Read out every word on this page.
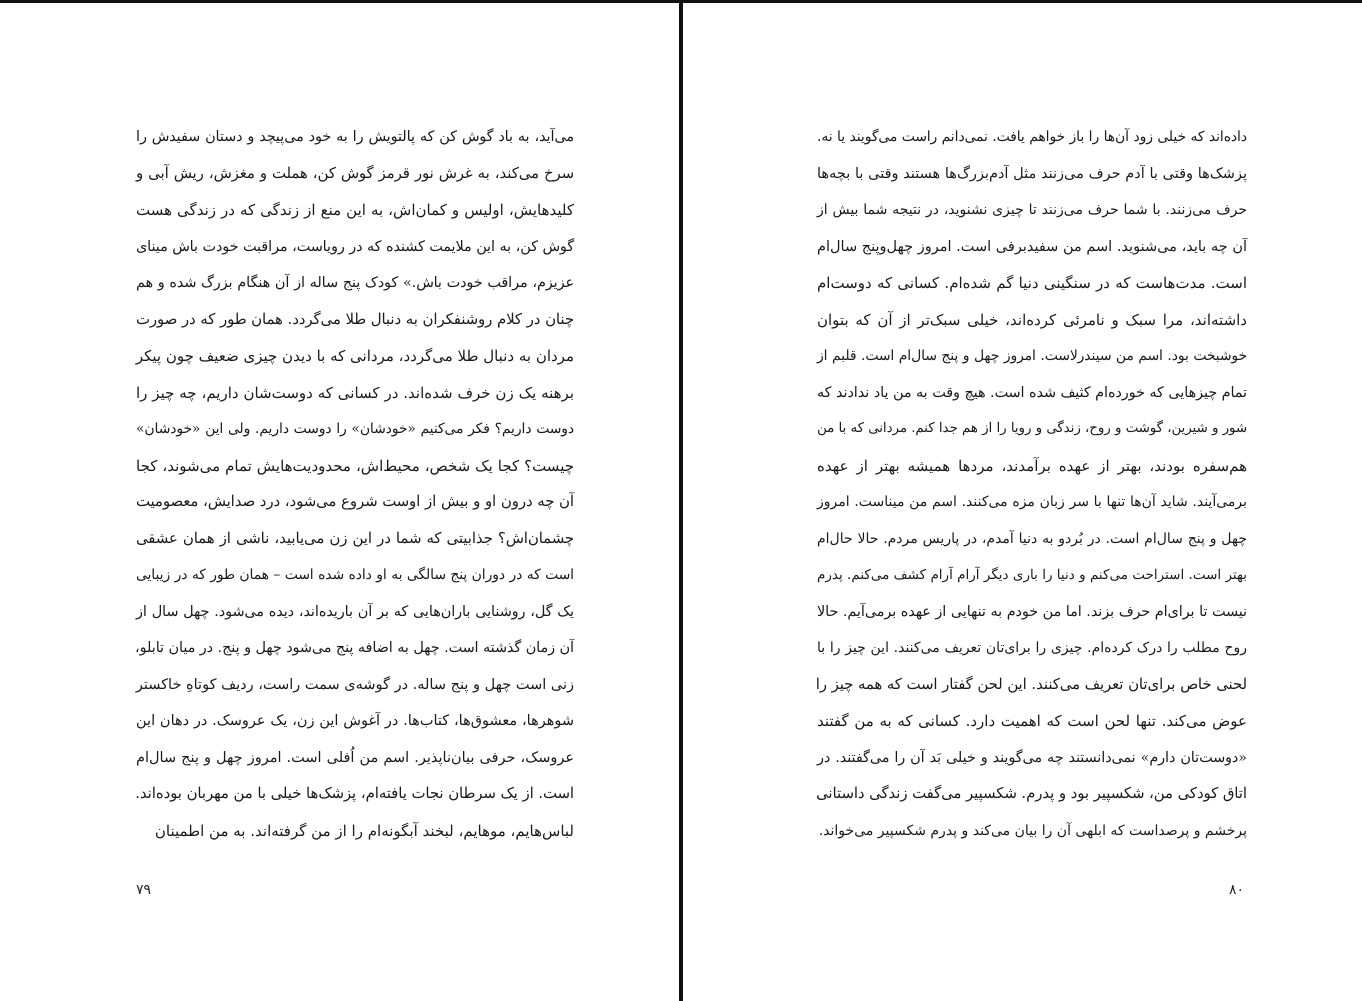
می‌آید، به باد گوش کن که پالتویش را به خود می‌پیچد و دستان سفیدش را
سرخ می‌کند، به غرش نور قرمز گوش کن، هملت و مغزش، ریش آبی و
کلیدهایش، اولیس و کمان‌اش، به این منع از زندگی که در زندگی هست
گوش کن، به این ملایمت کشنده که در رویاست، مراقبت خودت باش مینای
عزیزم، مراقب خودت باش.» کودک پنج ساله از آن هنگام بزرگ شده و هم
چنان در کلام روشنفکران به دنبال طلا می‌گردد. همان طور که در صورت
مردان به دنبال طلا می‌گردد، مردانی که با دیدن چیزی ضعیف چون پیکر
برهنه یک زن خرف شده‌اند. در کسانی که دوست‌شان داریم، چه چیز را
دوست داریم؟ فکر می‌کنیم «خودشان» را دوست داریم. ولی این «خودشان»
چیست؟ کجا یک شخص، محیط‌اش، محدودیت‌هایش تمام می‌شوند، کجا
آن چه درون او و بیش از اوست شروع می‌شود، درد صدایش، معصومیت
چشمان‌اش؟ جذابیتی که شما در این زن می‌یابید، ناشی از همان عشقی
است که در دوران پنج سالگی به او داده شده است – همان طور که در زیبایی
یک گل، روشنایی باران‌هایی که بر آن باریده‌اند، دیده می‌شود. چهل سال از
آن زمان گذشته است. چهل به اضافه پنج می‌شود چهل و پنج. در میان تابلو،
زنی است چهل و پنج ساله. در گوشه‌ی سمت راست، ردیف کوتاهِ خاکستر
شوهرها، معشوق‌ها، کتاب‌ها. در آغوش این زن، یک عروسک. در دهان این
عروسک، حرفی بیان‌ناپذیر. اسم من اُفلی است. امروز چهل و پنج سال‌ام
است. از یک سرطان نجات یافته‌ام، پزشک‌ها خیلی با من مهربان بوده‌اند.
لباس‌هایم، موهایم، لبخند آبگونه‌ام را از من گرفته‌اند. به من اطمینان
۷۹
داده‌اند که خیلی زود آن‌ها را باز خواهم یافت. نمی‌دانم راست می‌گویند یا نه.
پزشک‌ها وقتی با آدم حرف می‌زنند مثل آدم‌بزرگ‌ها هستند وقتی با بچه‌ها
حرف می‌زنند. با شما حرف می‌زنند تا چیزی نشنوید، در نتیجه شما بیش از
آن چه باید، می‌شنوید. اسم من سفیدبرفی است. امروز چهل‌وپنج سال‌ام
است. مدت‌هاست که در سنگینی دنیا گم شده‌ام. کسانی که دوست‌ام
داشته‌اند، مرا سبک و نامرئی کرده‌اند، خیلی سبک‌تر از آن که بتوان
خوشبخت بود. اسم من سیندرلاست. امروز چهل و پنج سال‌ام است. قلبم از
تمام چیزهایی که خورده‌ام کثیف شده است. هیچ وقت به من یاد ندادند که
شور و شیرین، گوشت و روح، زندگی و رویا را از هم جدا کنم. مردانی که با من
هم‌سفره بودند، بهتر از عهده برآمدند، مردها همیشه بهتر از عهده
برمی‌آیند. شاید آن‌ها تنها با سر زبان مزه می‌کنند. اسم من میناست. امروز
چهل و پنج سال‌ام است. در بُردو به دنیا آمدم، در پاریس مردم. حالا حال‌ام
بهتر است. استراحت می‌کنم و دنیا را باری دیگر آرام آرام کشف می‌کنم. پدرم
نیست تا برای‌ام حرف بزند. اما من خودم به تنهایی از عهده برمی‌آیم. حالا
روح مطلب را درک کرده‌ام. چیزی را برای‌تان تعریف می‌کنند. این چیز را با
لحنی خاص برای‌تان تعریف می‌کنند. این لحن گفتار است که همه چیز را
عوض می‌کند. تنها لحن است که اهمیت دارد. کسانی که به من گفتند
«دوست‌تان دارم» نمی‌دانستند چه می‌گویند و خیلی بَد آن را می‌گفتند. در
اتاق کودکی من، شکسپیر بود و پدرم. شکسپیر می‌گفت زندگی داستانی
پرخشم و پرصداست که ابلهی آن را بیان می‌کند و پدرم شکسپیر می‌خواند.
۸۰
